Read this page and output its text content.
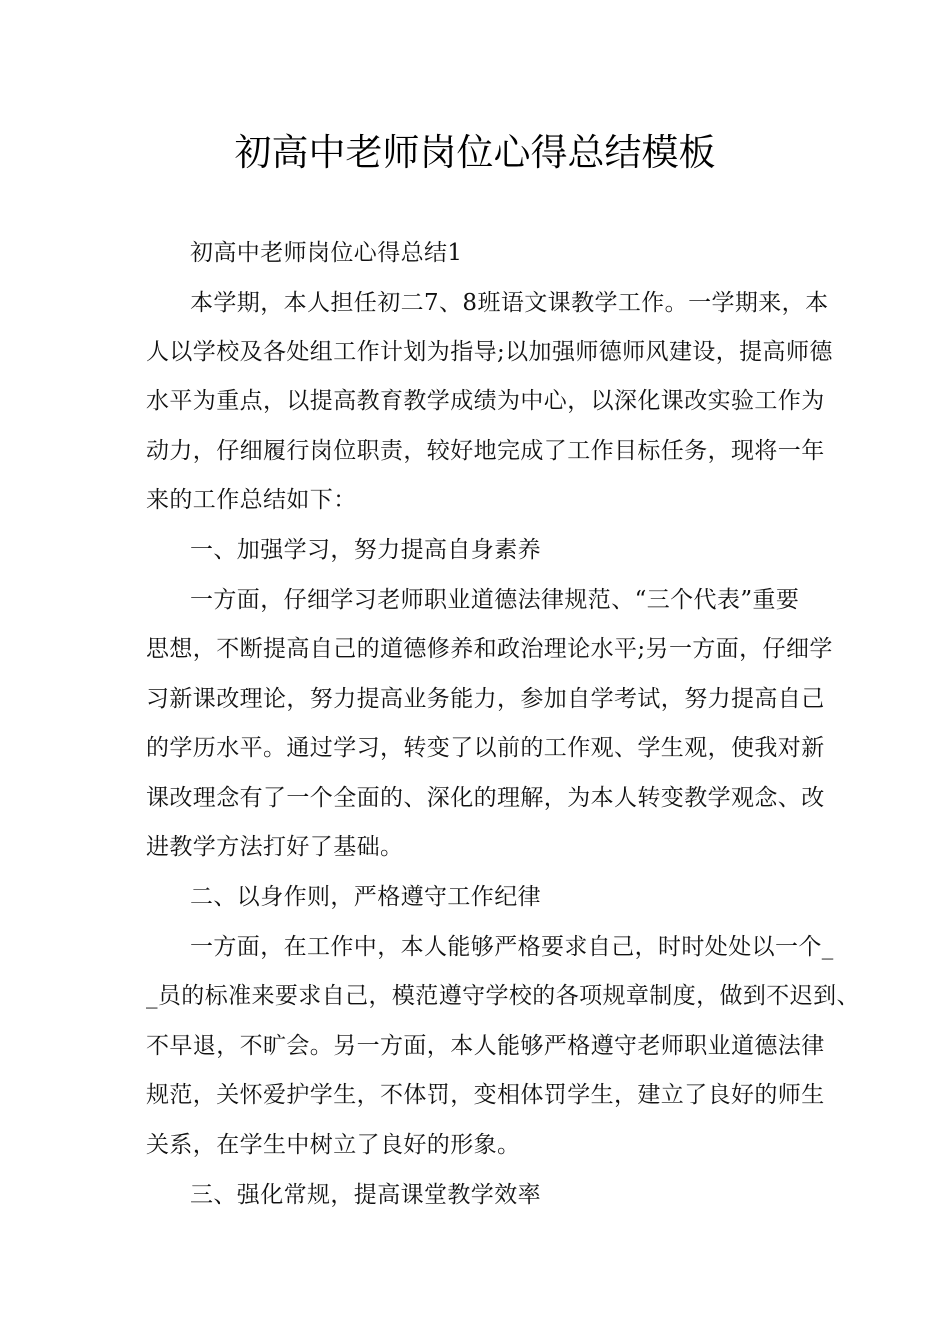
初高中老师岗位心得总结模板
初高中老师岗位心得总结1
本学期，本人担任初二7、8班语文课教学工作。一学期来，本
人以学校及各处组工作计划为指导;以加强师德师风建设，提高师德
水平为重点，以提高教育教学成绩为中心，以深化课改实验工作为
动力，仔细履行岗位职责，较好地完成了工作目标任务，现将一年
来的工作总结如下：
一、加强学习，努力提高自身素养
一方面，仔细学习老师职业道德法律规范、“三个代表”重要
思想，不断提高自己的道德修养和政治理论水平;另一方面，仔细学
习新课改理论，努力提高业务能力，参加自学考试，努力提高自己
的学历水平。通过学习，转变了以前的工作观、学生观，使我对新
课改理念有了一个全面的、深化的理解，为本人转变教学观念、改
进教学方法打好了基础。
二、以身作则，严格遵守工作纪律
一方面，在工作中，本人能够严格要求自己，时时处处以一个_
_员的标准来要求自己，模范遵守学校的各项规章制度，做到不迟到、
不早退，不旷会。另一方面，本人能够严格遵守老师职业道德法律
规范，关怀爱护学生，不体罚，变相体罚学生，建立了良好的师生
关系，在学生中树立了良好的形象。
三、强化常规，提高课堂教学效率
